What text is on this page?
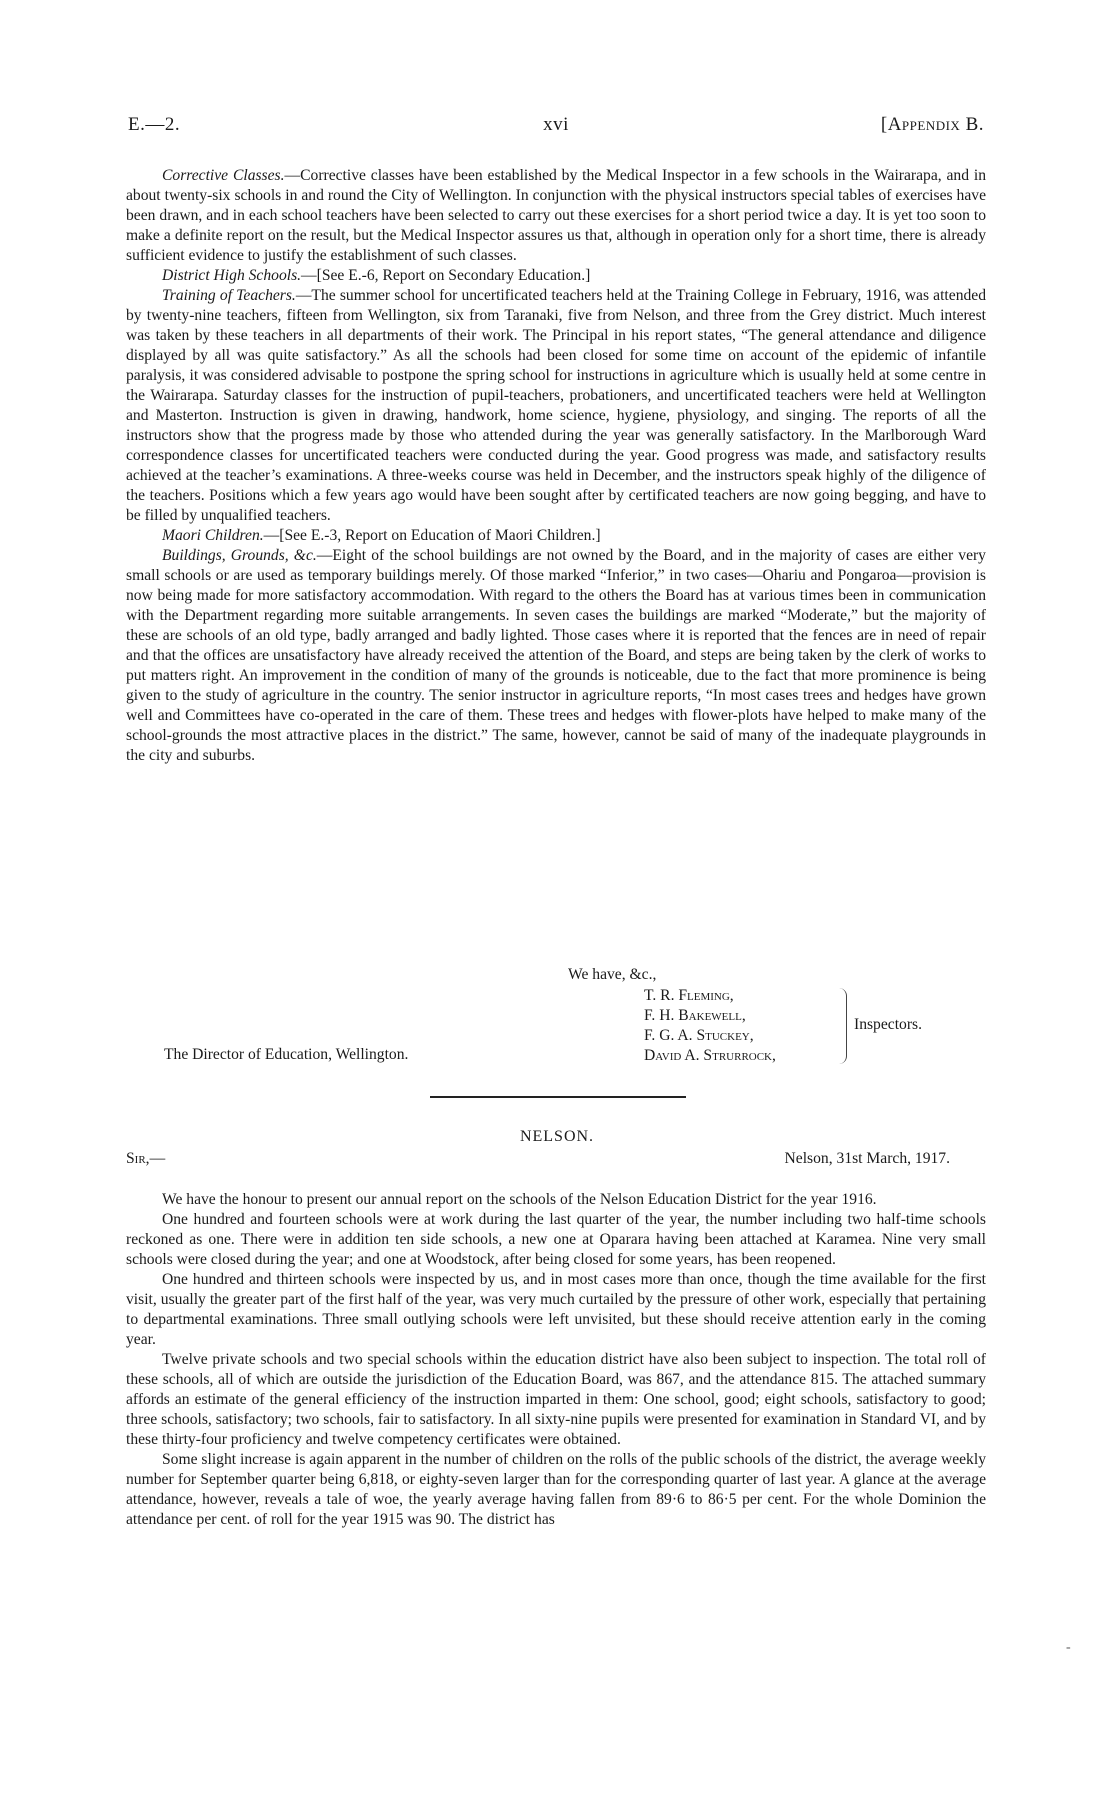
E.—2.	xvi	[Appendix B.

Corrective Classes.—Corrective classes have been established by the Medical Inspector in a few schools in the Wairarapa, and in about twenty-six schools in and round the City of Wellington. In conjunction with the physical instructors special tables of exercises have been drawn, and in each school teachers have been selected to carry out these exercises for a short period twice a day. It is yet too soon to make a definite report on the result, but the Medical Inspector assures us that, although in operation only for a short time, there is already sufficient evidence to justify the establishment of such classes.

District High Schools.—[See E.-6, Report on Secondary Education.]

Training of Teachers.—The summer school for uncertificated teachers held at the Training College in February, 1916, was attended by twenty-nine teachers, fifteen from Wellington, six from Taranaki, five from Nelson, and three from the Grey district. Much interest was taken by these teachers in all departments of their work. The Principal in his report states, “The general attendance and diligence displayed by all was quite satisfactory.” As all the schools had been closed for some time on account of the epidemic of infantile paralysis, it was considered advisable to postpone the spring school for instructions in agriculture which is usually held at some centre in the Wairarapa. Saturday classes for the instruction of pupil-teachers, probationers, and uncertificated teachers were held at Wellington and Masterton. Instruction is given in drawing, handwork, home science, hygiene, physiology, and singing. The reports of all the instructors show that the progress made by those who attended during the year was generally satisfactory. In the Marlborough Ward correspondence classes for uncertificated teachers were conducted during the year. Good progress was made, and satisfactory results achieved at the teacher’s examinations. A three-weeks course was held in December, and the instructors speak highly of the diligence of the teachers. Positions which a few years ago would have been sought after by certificated teachers are now going begging, and have to be filled by unqualified teachers.

Maori Children.—[See E.-3, Report on Education of Maori Children.]

Buildings, Grounds, &c.—Eight of the school buildings are not owned by the Board, and in the majority of cases are either very small schools or are used as temporary buildings merely. Of those marked “Inferior,” in two cases—Ohariu and Pongaroa—provision is now being made for more satisfactory accommodation. With regard to the others the Board has at various times been in communication with the Department regarding more suitable arrangements. In seven cases the buildings are marked “Moderate,” but the majority of these are schools of an old type, badly arranged and badly lighted. Those cases where it is reported that the fences are in need of repair and that the offices are unsatisfactory have already received the attention of the Board, and steps are being taken by the clerk of works to put matters right. An improvement in the condition of many of the grounds is noticeable, due to the fact that more prominence is being given to the study of agriculture in the country. The senior instructor in agriculture reports, “In most cases trees and hedges have grown well and Committees have co-operated in the care of them. These trees and hedges with flower-plots have helped to make many of the school-grounds the most attractive places in the district.” The same, however, cannot be said of many of the inadequate playgrounds in the city and suburbs.

We have, &c.,
T. R. Fleming,
F. H. Bakewell,
F. G. A. Stuckey,
David A. Strurrock,
Inspectors.
The Director of Education, Wellington.
NELSON.
Sir,—	Nelson, 31st March, 1917.

We have the honour to present our annual report on the schools of the Nelson Education District for the year 1916.

One hundred and fourteen schools were at work during the last quarter of the year, the number including two half-time schools reckoned as one. There were in addition ten side schools, a new one at Oparara having been attached at Karamea. Nine very small schools were closed during the year; and one at Woodstock, after being closed for some years, has been reopened.

One hundred and thirteen schools were inspected by us, and in most cases more than once, though the time available for the first visit, usually the greater part of the first half of the year, was very much curtailed by the pressure of other work, especially that pertaining to departmental examinations. Three small outlying schools were left unvisited, but these should receive attention early in the coming year.

Twelve private schools and two special schools within the education district have also been subject to inspection. The total roll of these schools, all of which are outside the jurisdiction of the Education Board, was 867, and the attendance 815. The attached summary affords an estimate of the general efficiency of the instruction imparted in them: One school, good; eight schools, satisfactory to good; three schools, satisfactory; two schools, fair to satisfactory. In all sixty-nine pupils were presented for examination in Standard VI, and by these thirty-four proficiency and twelve competency certificates were obtained.

Some slight increase is again apparent in the number of children on the rolls of the public schools of the district, the average weekly number for September quarter being 6,818, or eighty-seven larger than for the corresponding quarter of last year. A glance at the average attendance, however, reveals a tale of woe, the yearly average having fallen from 89·6 to 86·5 per cent. For the whole Dominion the attendance per cent. of roll for the year 1915 was 90. The district has

-
